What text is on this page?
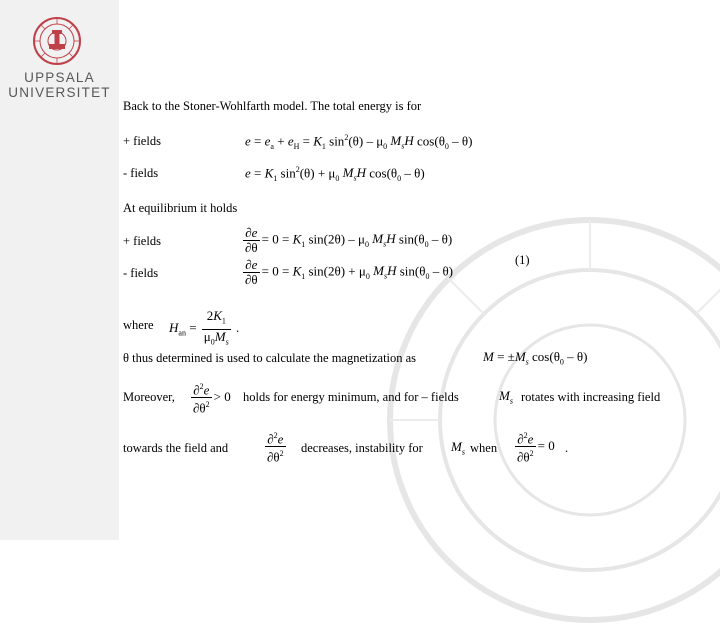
UPPSALA
UNIVERSITET
Back to the Stoner-Wohlfarth model. The total energy is for
+ fields	$e = e_a + e_H = K_1$ $\sin^2(\theta) - \mu_0$ $M_sH$ $\cos(\theta_0 - \theta)$
- fields	$e = K_1$ $\sin^2(\theta) + \mu_0$ $M_sH$ $\cos(\theta_0 - \theta)$
At equilibrium it holds
+ fields	$\frac{\partial e}{\partial\theta} = 0 = K_1$ $\sin(2\theta) - \mu_0$ $M_sH$ $\sin(\theta_0 - \theta)$
(1)
- fields	$\frac{\partial e}{\partial\theta} = 0 = K_1$ $\sin(2\theta) + \mu_0$ $M_sH$ $\sin(\theta_0 - \theta)$
where $H_{an} = \frac{2K_1}{\mu_0M_s}$ .
θ thus determined is used to calculate the magnetization as	$M = \pm M_s$ $\cos(\theta_0 - \theta)$
Moreover, $\frac{\partial^2e}{\partial\theta^2} > 0$ holds for energy minimum, and for – fields	$M_s$ rotates with increasing field
towards the field and	$\frac{\partial^2e}{\partial\theta^2}$ decreases, instability for $M_s$ when $\frac{\partial^2e}{\partial\theta^2} = 0$ .
